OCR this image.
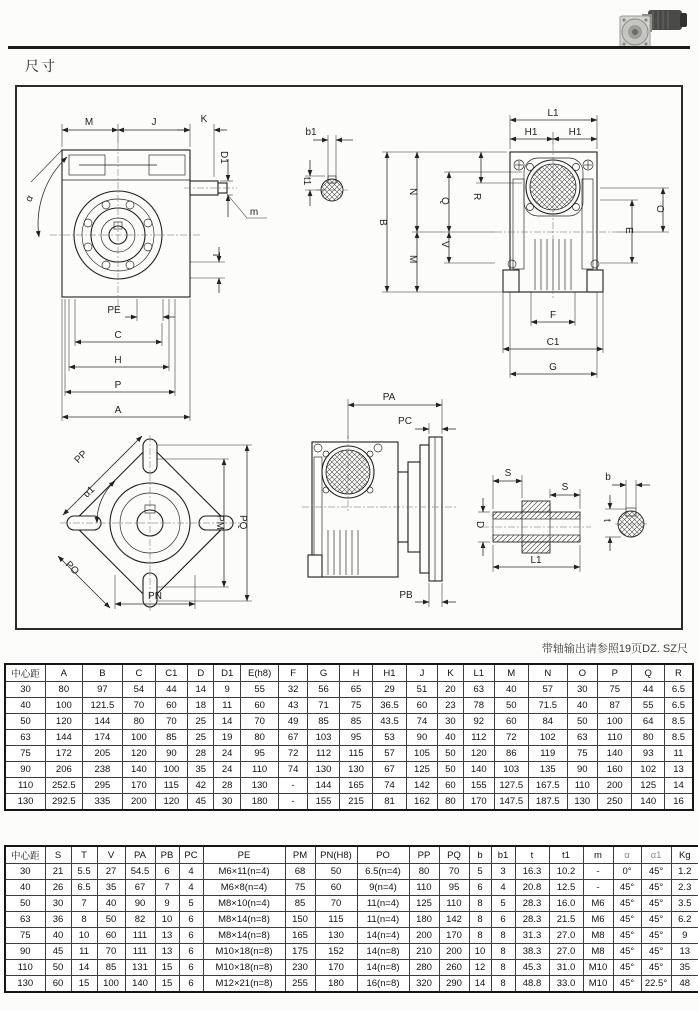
尺寸
M	J	K
D1
α
T
m
PE
C
H
P
A
b1
t1
L1
H1	H1
B
N
Q
R
M
V
E
O
F
C1
G
PP
α1
PO
PN
PM PQ
PA
PC
PB
S
S
D
L1
b
t
带轴输出请参照19页DZ. SZ尺
中心距	A	B	C	C1	D	D1	E(h8)	F	G	H	H1	J	K	L1	M	N	O	P	Q	R
30	80	97	54	44	14	9	55	32	56	65	29	51	20	63	40	57	30	75	44	6.5
40	100	121.5	70	60	18	11	60	43	71	75	36.5	60	23	78	50	71.5	40	87	55	6.5
50	120	144	80	70	25	14	70	49	85	85	43.5	74	30	92	60	84	50	100	64	8.5
63	144	174	100	85	25	19	80	67	103	95	53	90	40	112	72	102	63	110	80	8.5
75	172	205	120	90	28	24	95	72	112	115	57	105	50	120	86	119	75	140	93	11
90	206	238	140	100	35	24	110	74	130	130	67	125	50	140	103	135	90	160	102	13
110	252.5	295	170	115	42	28	130	-	144	165	74	142	60	155	127.5	167.5	110	200	125	14
130	292.5	335	200	120	45	30	180	-	155	215	81	162	80	170	147.5	187.5	130	250	140	16
中心距	S	T	V	PA	PB	PC	PE	PM	PN(H8)	PO	PP	PQ	b	b1	t	t1	m	α	α1	Kg
30	21	5.5	27	54.5	6	4	M6×11(n=4)	68	50	6.5(n=4)	80	70	5	3	16.3	10.2	-	0°	45°	1.2
40	26	6.5	35	67	7	4	M6×8(n=4)	75	60	9(n=4)	110	95	6	4	20.8	12.5	-	45°	45°	2.3
50	30	7	40	90	9	5	M8×10(n=4)	85	70	11(n=4)	125	110	8	5	28.3	16.0	M6	45°	45°	3.5
63	36	8	50	82	10	6	M8×14(n=8)	150	115	11(n=4)	180	142	8	6	28.3	21.5	M6	45°	45°	6.2
75	40	10	60	111	13	6	M8×14(n=8)	165	130	14(n=4)	200	170	8	8	31.3	27.0	M8	45°	45°	9
90	45	11	70	111	13	6	M10×18(n=8)	175	152	14(n=8)	210	200	10	8	38.3	27.0	M8	45°	45°	13
110	50	14	85	131	15	6	M10×18(n=8)	230	170	14(n=8)	280	260	12	8	45.3	31.0	M10	45°	45°	35
130	60	15	100	140	15	6	M12×21(n=8)	255	180	16(n=8)	320	290	14	8	48.8	33.0	M10	45°	22.5°	48
